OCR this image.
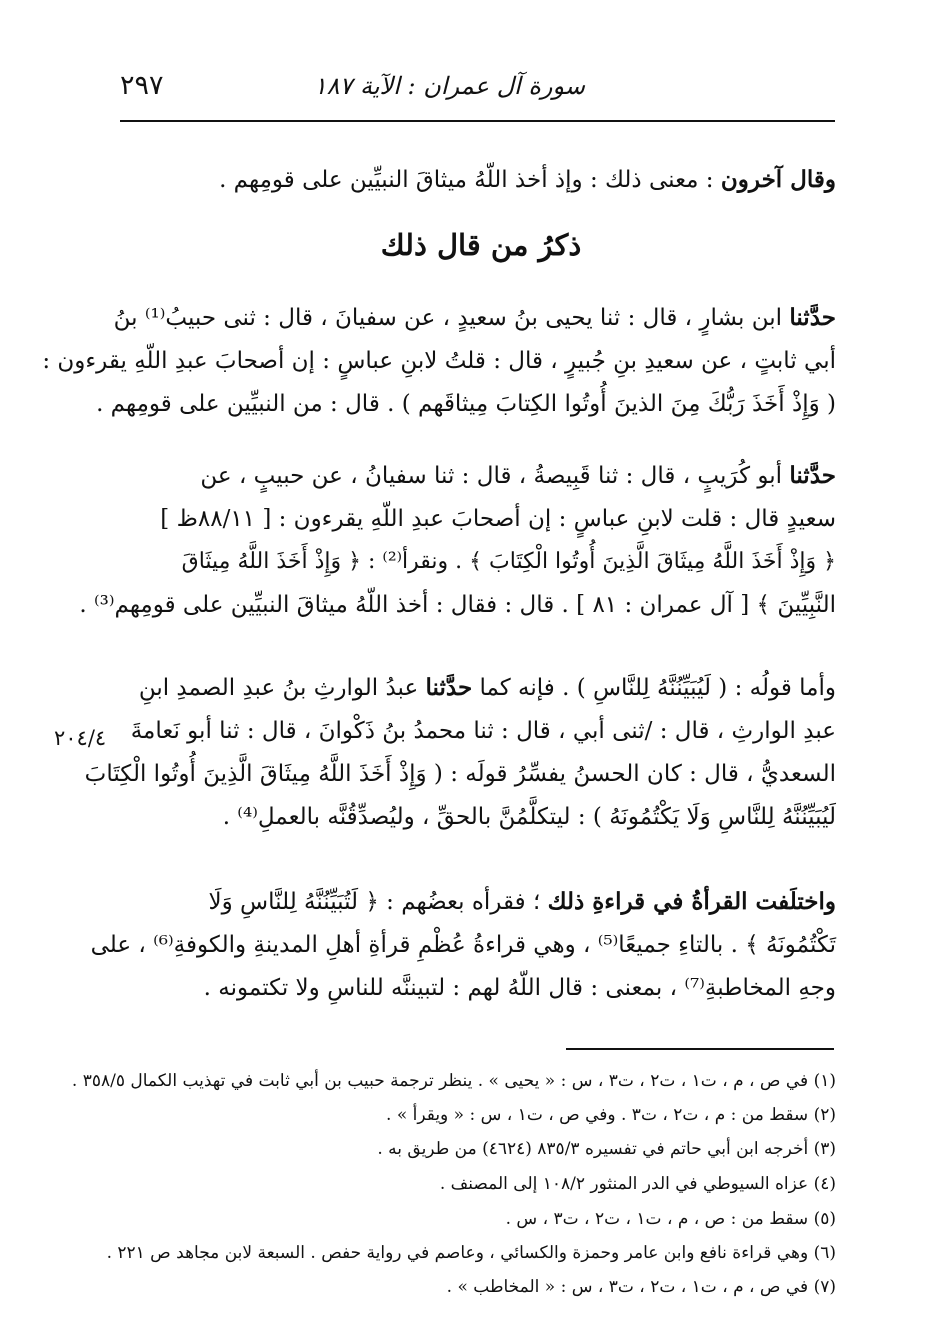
٢٩٧	سورة آل عمران : الآية ١٨٧
وقال آخرون : معنى ذلك : وإذ أخذ اللّهُ ميثاقَ النبيِّين على قومِهم .
ذكرُ من قال ذلك
حدَّثنا ابن بشارٍ ، قال : ثنا يحيى بنُ سعيدٍ ، عن سفيانَ ، قال : ثنى حبيبُ⁽¹⁾ بنُ
أبي ثابتٍ ، عن سعيدِ بنِ جُبيرٍ ، قال : قلتُ لابنِ عباسٍ : إن أصحابَ عبدِ اللّهِ يقرءون :
( وَإِذْ أَخَذَ رَبُّكَ مِنَ الذينَ أُوتُوا الكِتابَ مِيثاقَهم ) . قال : من النبيِّين على قومِهم .
حدَّثنا أبو كُرَيبٍ ، قال : ثنا قَبِيصةُ ، قال : ثنا سفيانُ ، عن حبيبٍ ، عن
سعيدٍ قال : قلت لابنِ عباسٍ : إن أصحابَ عبدِ اللّهِ يقرءون : [ ٨٨/١١ظ ]
﴿ وَإِذْ أَخَذَ اللَّهُ مِيثَاقَ الَّذِينَ أُوتُوا الْكِتَابَ ﴾ . ونقرأ⁽²⁾ : ﴿ وَإِذْ أَخَذَ اللَّهُ مِيثَاقَ
النَّبِيِّينَ ﴾ [ آل عمران : ٨١ ] . قال : فقال : أخذ اللّهُ ميثاقَ النبيِّين على قومِهم⁽³⁾ .
وأما قولُه : ( لَيُبَيِّنُنَّهُ لِلنَّاسِ ) . فإنه كما حدَّثنا عبدُ الوارثِ بنُ عبدِ الصمدِ ابنِ
عبدِ الوارثِ ، قال : /ثنى أبي ، قال : ثنا محمدُ بنُ ذَكْوانَ ، قال : ثنا أبو نَعامةَ
السعديُّ ، قال : كان الحسنُ يفسِّرُ قولَه : ( وَإِذْ أَخَذَ اللَّهُ مِيثَاقَ الَّذِينَ أُوتُوا الْكِتَابَ
لَيُبَيِّنُنَّهُ لِلنَّاسِ وَلَا يَكْتُمُونَهُ ) : ليتكلَّمُنَّ بالحقِّ ، وليُصدِّقُنَّه بالعملِ⁽⁴⁾ .
٢٠٤/٤
واختلَفت القرأةُ في قراءةِ ذلك ؛ فقرأه بعضُهم : ﴿ لَتُبَيِّنُنَّهُ لِلنَّاسِ وَلَا
تَكْتُمُونَهُ ﴾ . بالتاءِ جميعًا⁽⁵⁾ ، وهي قراءةُ عُظْمِ قرأةِ أهلِ المدينةِ والكوفةِ⁽⁶⁾ ، على
وجهِ المخاطبةِ⁽⁷⁾ ، بمعنى : قال اللّهُ لهم : لتبيننَّه للناسِ ولا تكتمونه .
(١) في ص ، م ، ت١ ، ت٢ ، ت٣ ، س : « يحيى » . ينظر ترجمة حبيب بن أبي ثابت في تهذيب الكمال ٣٥٨/٥ .
(٢) سقط من : م ، ت٢ ، ت٣ . وفي ص ، ت١ ، س : « ويقرأ » .
(٣) أخرجه ابن أبي حاتم في تفسيره ٨٣٥/٣ (٤٦٢٤) من طريق به .
(٤) عزاه السيوطي في الدر المنثور ١٠٨/٢ إلى المصنف .
(٥) سقط من : ص ، م ، ت١ ، ت٢ ، ت٣ ، س .
(٦) وهي قراءة نافع وابن عامر وحمزة والكسائي ، وعاصم في رواية حفص . السبعة لابن مجاهد ص ٢٢١ .
(٧) في ص ، م ، ت١ ، ت٢ ، ت٣ ، س : « المخاطب » .
